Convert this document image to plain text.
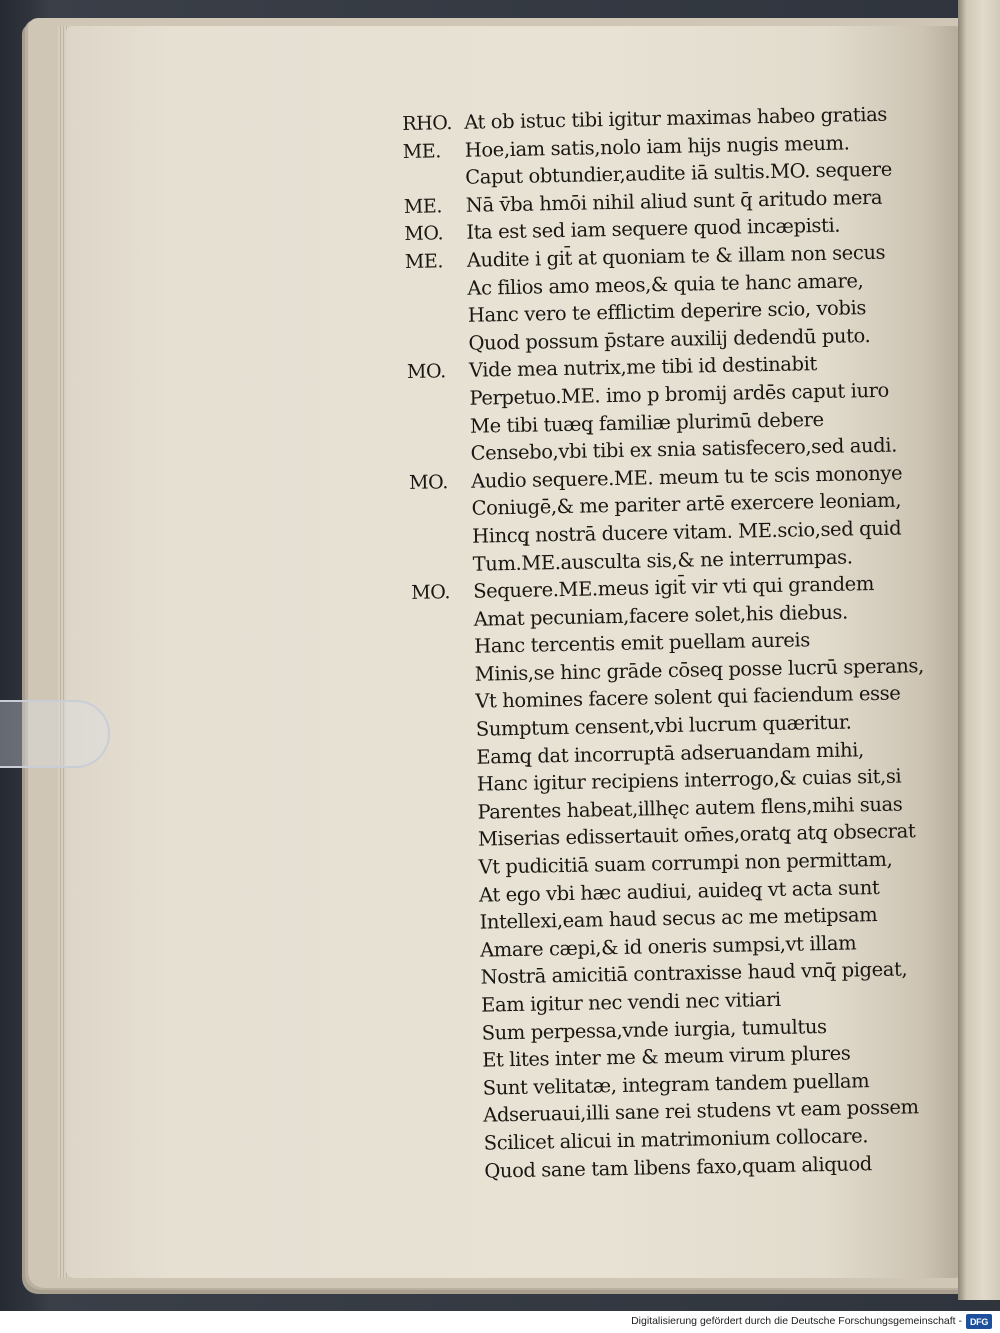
RHO. At ob istuc tibi igitur maximas habeo gratias
ME.	Hoe,iam satis,nolo iam hijs nugis meum.
Caput obtundier,audite iā sultis.MO. sequere
ME.	Nā v̄ba hmōi nihil aliud sunt q̄ aritudo mera
MO.	Ita est sed iam sequere quod incæpisti.
ME.	Audite i git̄ at quoniam te & illam non secus
Ac filios amo meos,& quia te hanc amare,
Hanc vero te efflictim deperire scio, vobis
Quod possum p̄stare auxilij dedendū puto.
MO.	Vide mea nutrix,me tibi id destinabit
Perpetuo.ME. imo p bromij ardēs caput iuro
Me tibi tuæq̧ familiæ plurimū debere
Censebo,vbi tibi ex snia satisfecero,sed audi.
MO.	Audio sequere.ME. meum tu te scis mononye
Coniugē,& me pariter artē exercere leoniam,
Hincq̧ nostrā ducere vitam. ME.scio,sed quid
Tum.ME.ausculta sis,& ne interrumpas.
MO.	Sequere.ME.meus igit̄ vir vti qui grandem
Amat pecuniam,facere solet,his diebus.
Hanc tercentis emit puellam aureis
Minis,se hinc grāde cōseq posse lucrū sperans,
Vt homines facere solent qui faciendum esse
Sumptum censent,vbi lucrum quæritur.
Eamq̧ dat incorruptā adseruandam mihi,
Hanc igitur recipiens interrogo,& cuias sit,si
Parentes habeat,illhęc autem flens,mihi suas
Miserias edissertauit om̄es,oratq̧ atq̧ obsecrat
Vt pudicitiā suam corrumpi non permittam,
At ego vbi hæc audiui, auideq̧ vt acta sunt
Intellexi,eam haud secus ac me metipsam
Amare cæpi,& id oneris sumpsi,vt illam
Nostrā amicitiā contraxisse haud vnq̄ pigeat,
Eam igitur nec vendi nec vitiari
Sum perpessa,vnde iurgia, tumultus
Et lites inter me & meum virum plures
Sunt velitatæ, integram tandem puellam
Adseruaui,illi sane rei studens vt eam possem
Scilicet alicui in matrimonium collocare.
Quod sane tam libens faxo,quam aliquod
Digitalisierung gefördert durch die Deutsche Forschungsgemeinschaft - DFG
